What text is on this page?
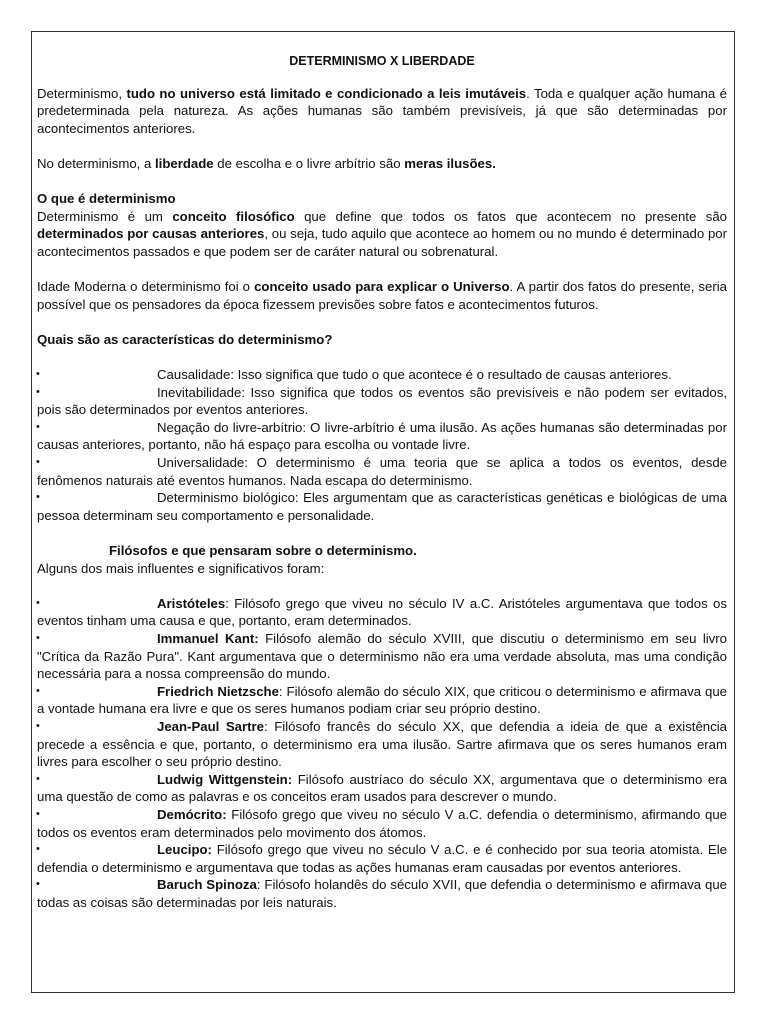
DETERMINISMO X LIBERDADE

Determinismo, tudo no universo está limitado e condicionado a leis imutáveis. Toda e qualquer ação humana é predeterminada pela natureza. As ações humanas são também previsíveis, já que são determinadas por acontecimentos anteriores.

No determinismo, a liberdade de escolha e o livre arbítrio são meras ilusões.

O que é determinismo

Determinismo é um conceito filosófico que define que todos os fatos que acontecem no presente são determinados por causas anteriores, ou seja, tudo aquilo que acontece ao homem ou no mundo é determinado por acontecimentos passados e que podem ser de caráter natural ou sobrenatural.

Idade Moderna o determinismo foi o conceito usado para explicar o Universo. A partir dos fatos do presente, seria possível que os pensadores da época fizessem previsões sobre fatos e acontecimentos futuros.

Quais são as características do determinismo?

•	Causalidade: Isso significa que tudo o que acontece é o resultado de causas anteriores.

•	Inevitabilidade: Isso significa que todos os eventos são previsíveis e não podem ser evitados, pois são determinados por eventos anteriores.

•	Negação do livre-arbítrio: O livre-arbítrio é uma ilusão. As ações humanas são determinadas por causas anteriores, portanto, não há espaço para escolha ou vontade livre.

•	Universalidade: O determinismo é uma teoria que se aplica a todos os eventos, desde fenômenos naturais até eventos humanos. Nada escapa do determinismo.

•	Determinismo biológico: Eles argumentam que as características genéticas e biológicas de uma pessoa determinam seu comportamento e personalidade.

Filósofos e que pensaram sobre o determinismo.

Alguns dos mais influentes e significativos foram:

•	Aristóteles: Filósofo grego que viveu no século IV a.C. Aristóteles argumentava que todos os eventos tinham uma causa e que, portanto, eram determinados.

•	Immanuel Kant: Filósofo alemão do século XVIII, que discutiu o determinismo em seu livro "Crítica da Razão Pura". Kant argumentava que o determinismo não era uma verdade absoluta, mas uma condição necessária para a nossa compreensão do mundo.

•	Friedrich Nietzsche: Filósofo alemão do século XIX, que criticou o determinismo e afirmava que a vontade humana era livre e que os seres humanos podiam criar seu próprio destino.

•	Jean-Paul Sartre: Filósofo francês do século XX, que defendia a ideia de que a existência precede a essência e que, portanto, o determinismo era uma ilusão. Sartre afirmava que os seres humanos eram livres para escolher o seu próprio destino.

•	Ludwig Wittgenstein: Filósofo austríaco do século XX, argumentava que o determinismo era uma questão de como as palavras e os conceitos eram usados para descrever o mundo.

•	Demócrito: Filósofo grego que viveu no século V a.C. defendia o determinismo, afirmando que todos os eventos eram determinados pelo movimento dos átomos.

•	Leucipo: Filósofo grego que viveu no século V a.C. e é conhecido por sua teoria atomista. Ele defendia o determinismo e argumentava que todas as ações humanas eram causadas por eventos anteriores.

•	Baruch Spinoza: Filósofo holandês do século XVII, que defendia o determinismo e afirmava que todas as coisas são determinadas por leis naturais.
